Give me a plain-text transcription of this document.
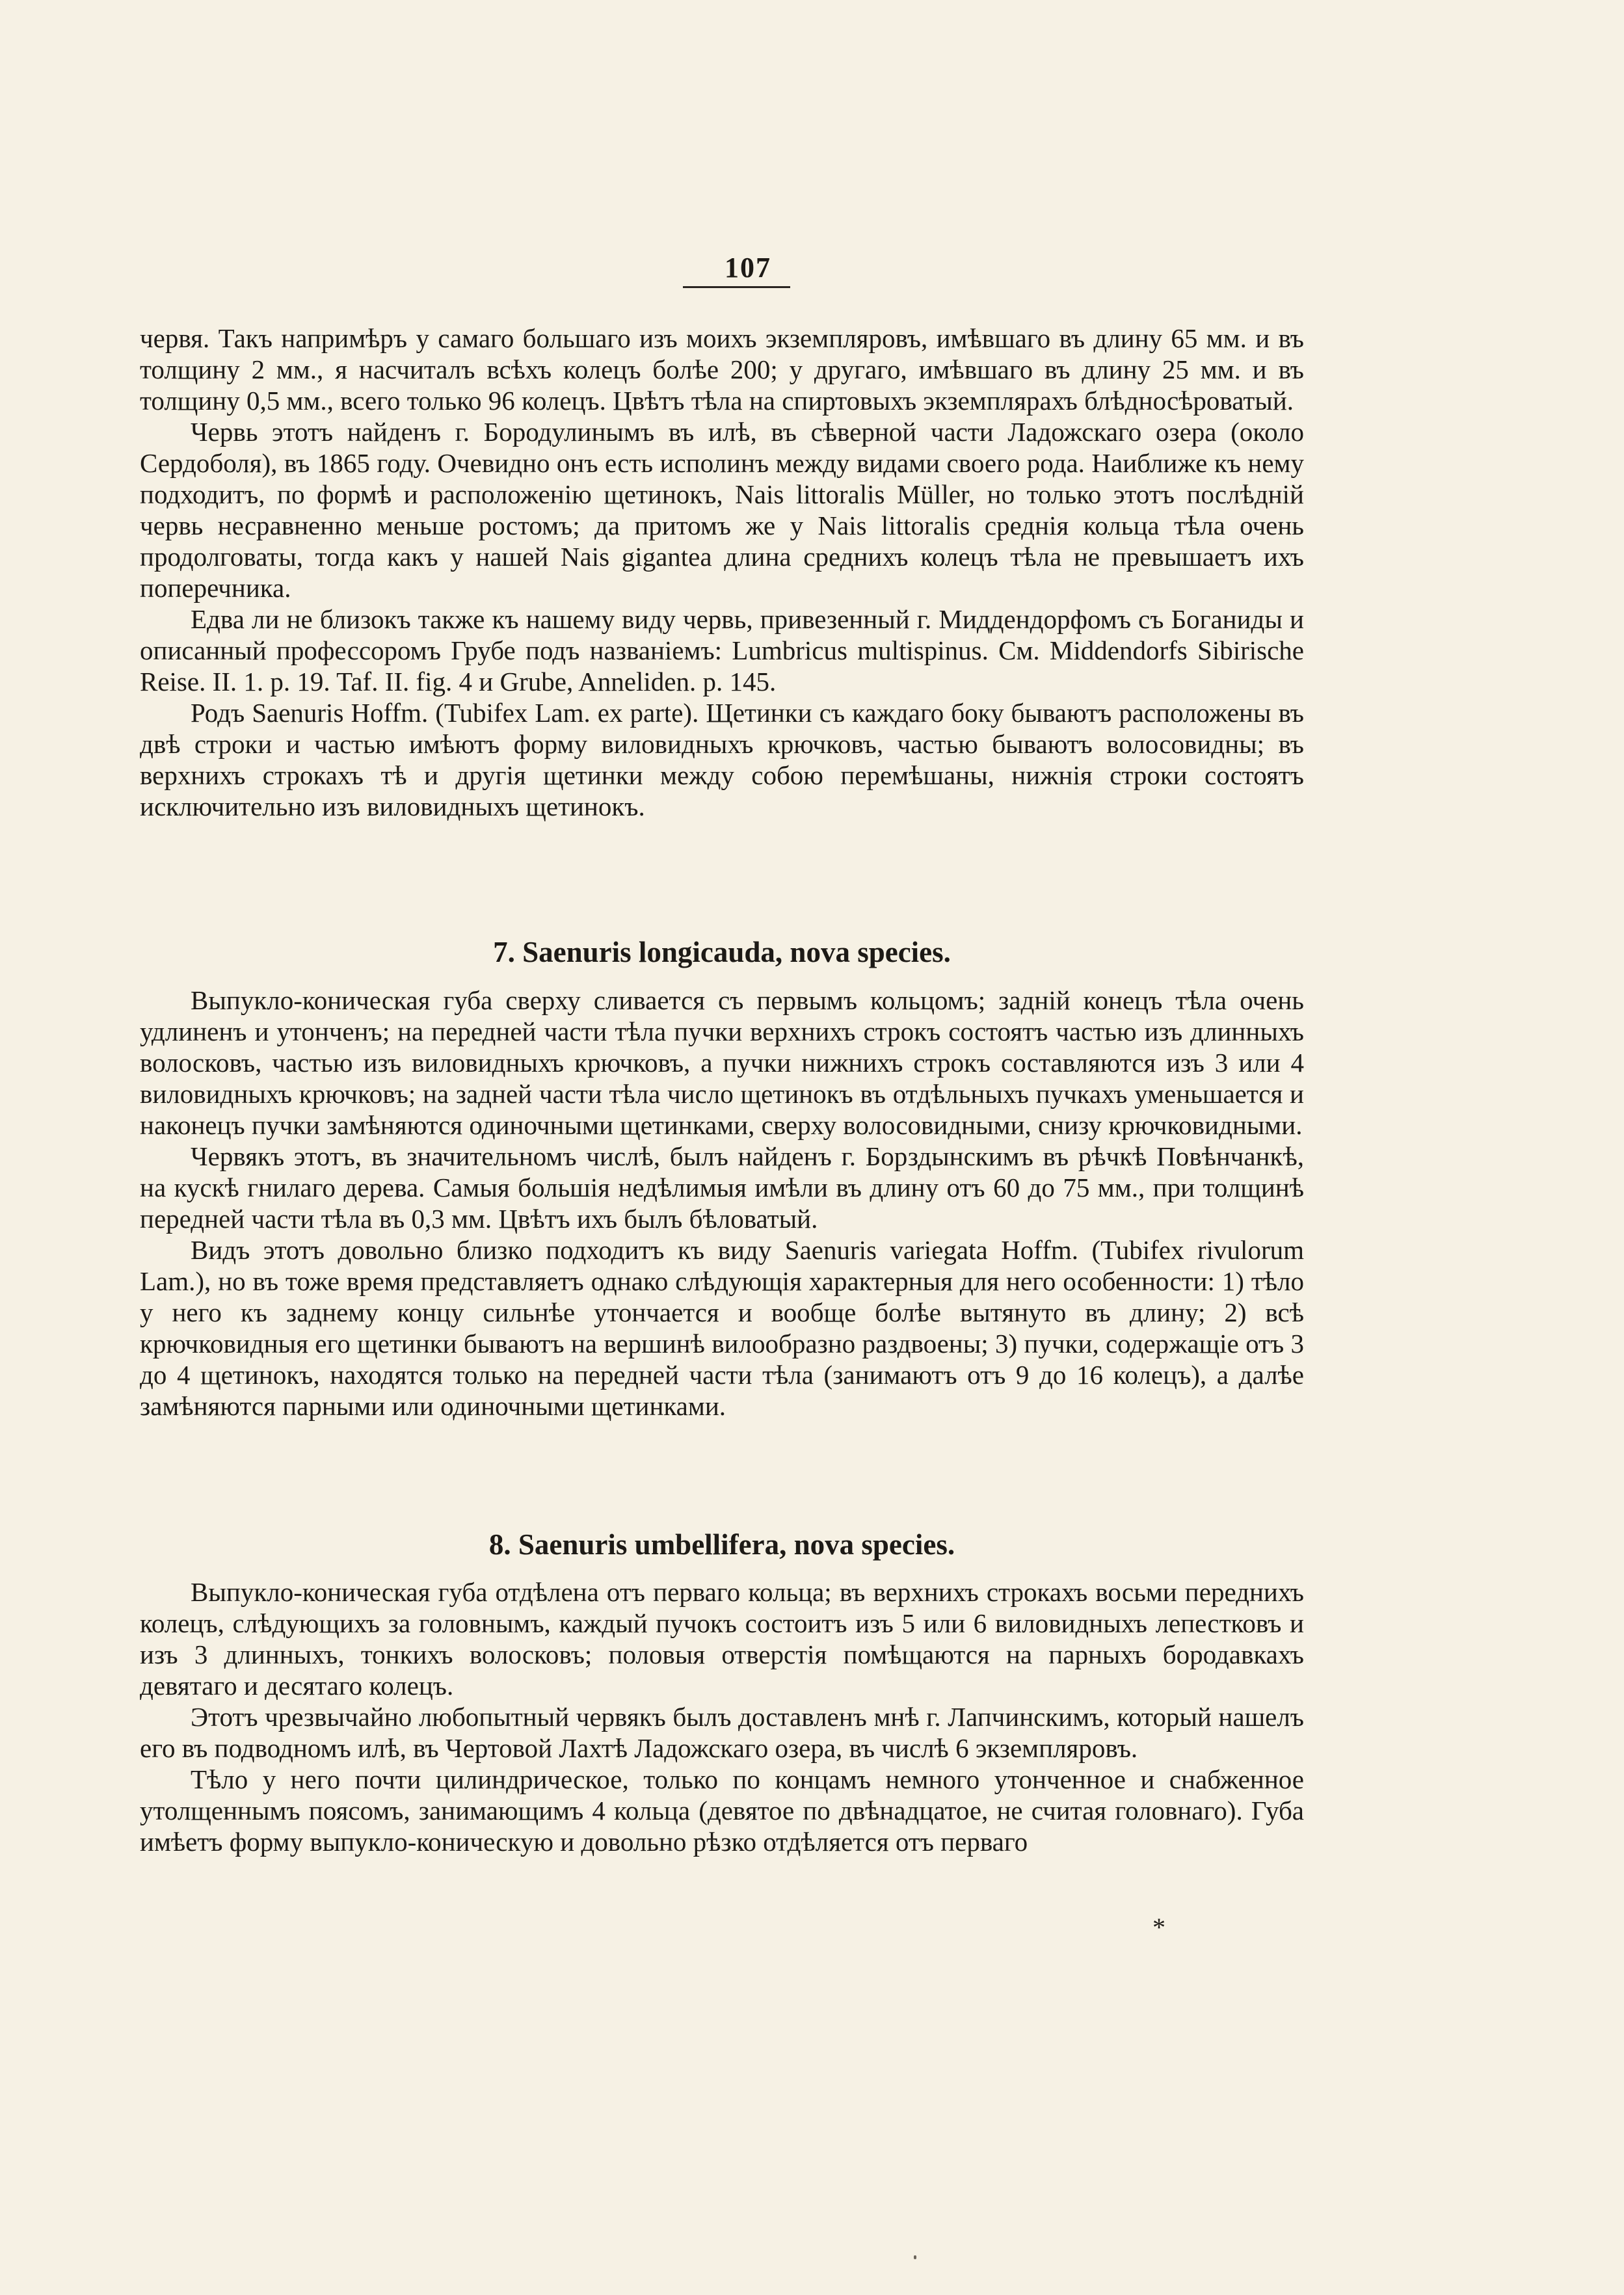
107

червя. Такъ напримѣръ у самаго большаго изъ моихъ экземпляровъ, имѣвшаго въ длину 65 мм. и въ толщину 2 мм., я насчиталъ всѣхъ колецъ болѣе 200; у другаго, имѣвшаго въ длину 25 мм. и въ толщину 0,5 мм., всего только 96 колецъ. Цвѣтъ тѣла на спиртовыхъ экземплярахъ блѣдносѣроватый.

Червь этотъ найденъ г. Бородулинымъ въ илѣ, въ сѣверной части Ладожскаго озера (около Сердоболя), въ 1865 году. Очевидно онъ есть исполинъ между видами своего рода. Наиближе къ нему подходитъ, по формѣ и расположенію щетинокъ, Nais littoralis Müller, но только этотъ послѣдній червь несравненно меньше ростомъ; да притомъ же у Nais littoralis среднія кольца тѣла очень продолговаты, тогда какъ у нашей Nais gigantea длина среднихъ колецъ тѣла не превышаетъ ихъ поперечника.

Едва ли не близокъ также къ нашему виду червь, привезенный г. Миддендорфомъ съ Боганиды и описанный профессоромъ Грубе подъ названіемъ: Lumbricus multispinus. См. Middendorfs Sibirische Reise. II. 1. p. 19. Taf. II. fig. 4 и Grube, Anneliden. p. 145.

Родъ Saenuris Hoffm. (Tubifex Lam. ex parte). Щетинки съ каждаго боку бываютъ расположены въ двѣ строки и частью имѣютъ форму виловидныхъ крючковъ, частью бываютъ волосовидны; въ верхнихъ строкахъ тѣ и другія щетинки между собою перемѣшаны, нижнія строки состоятъ исключительно изъ виловидныхъ щетинокъ.

7. Saenuris longicauda, nova species.

Выпукло-коническая губа сверху сливается съ первымъ кольцомъ; задній конецъ тѣла очень удлиненъ и утонченъ; на передней части тѣла пучки верхнихъ строкъ состоятъ частью изъ длинныхъ волосковъ, частью изъ виловидныхъ крючковъ, а пучки нижнихъ строкъ составляются изъ 3 или 4 виловидныхъ крючковъ; на задней части тѣла число щетинокъ въ отдѣльныхъ пучкахъ уменьшается и наконецъ пучки замѣняются одиночными щетинками, сверху волосовидными, снизу крючковидными.

Червякъ этотъ, въ значительномъ числѣ, былъ найденъ г. Борздынскимъ въ рѣчкѣ Повѣнчанкѣ, на кускѣ гнилаго дерева. Самыя большія недѣлимыя имѣли въ длину отъ 60 до 75 мм., при толщинѣ передней части тѣла въ 0,3 мм. Цвѣтъ ихъ былъ бѣловатый.

Видъ этотъ довольно близко подходитъ къ виду Saenuris variegata Hoffm. (Tubifex rivulorum Lam.), но въ тоже время представляетъ однако слѣдующія характерныя для него особенности: 1) тѣло у него къ заднему концу сильнѣе утончается и вообще болѣе вытянуто въ длину; 2) всѣ крючковидныя его щетинки бываютъ на вершинѣ вилообразно раздвоены; 3) пучки, содержащіе отъ 3 до 4 щетинокъ, находятся только на передней части тѣла (занимаютъ отъ 9 до 16 колецъ), а далѣе замѣняются парными или одиночными щетинками.

8. Saenuris umbellifera, nova species.

Выпукло-коническая губа отдѣлена отъ перваго кольца; въ верхнихъ строкахъ восьми переднихъ колецъ, слѣдующихъ за головнымъ, каждый пучокъ состоитъ изъ 5 или 6 виловидныхъ лепестковъ и изъ 3 длинныхъ, тонкихъ волосковъ; половыя отверстія помѣщаются на парныхъ бородавкахъ девятаго и десятаго колецъ.

Этотъ чрезвычайно любопытный червякъ былъ доставленъ мнѣ г. Лапчинскимъ, который нашелъ его въ подводномъ илѣ, въ Чертовой Лахтѣ Ладожскаго озера, въ числѣ 6 экземпляровъ.

Тѣло у него почти цилиндрическое, только по концамъ немного утонченное и снабженное утолщеннымъ поясомъ, занимающимъ 4 кольца (девятое по двѣнадцатое, не считая головнаго). Губа имѣетъ форму выпукло-коническую и довольно рѣзко отдѣляется отъ перваго

*
